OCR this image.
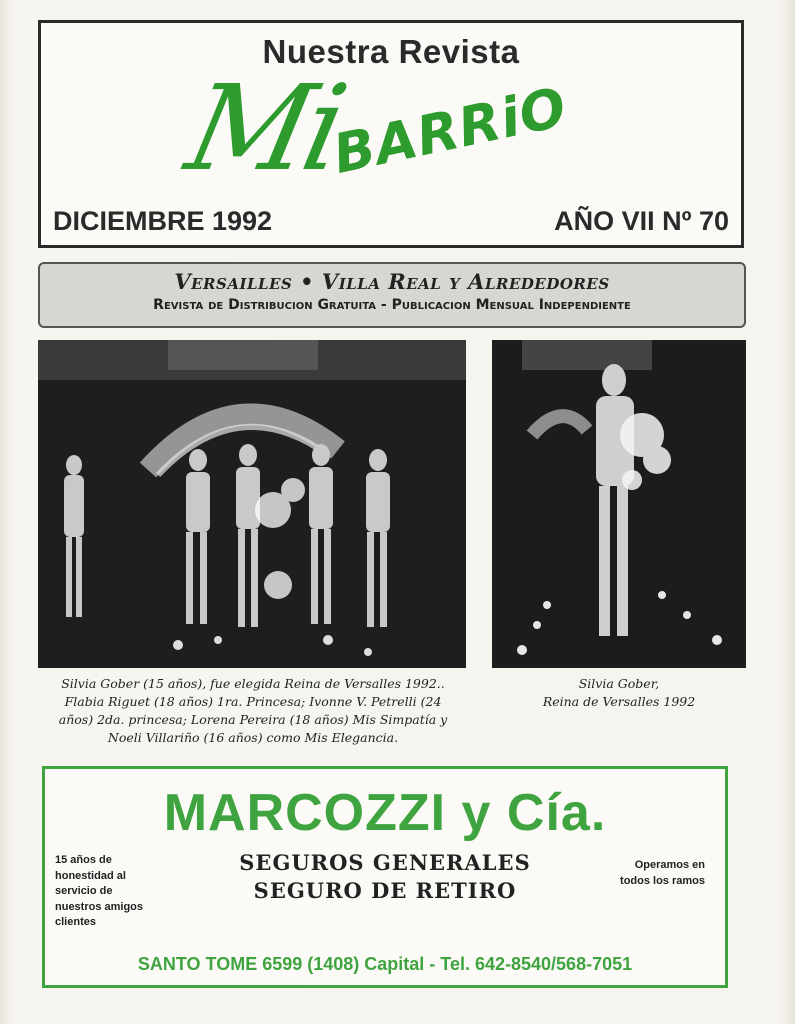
Nuestra Revista
Mi
BARRiO
DICIEMBRE 1992	AÑO VII Nº 70
Versailles • Villa Real y Alrededores
Revista de Distribucion Gratuita - Publicacion Mensual Independiente

Silvia Gober (15 años), fue elegida Reina de Versalles 1992..

Flabia Riguet (18 años) 1ra. Princesa; Ivonne V. Petrelli (24

años) 2da. princesa; Lorena Pereira (18 años) Mis Simpatía y

Noeli Villariño (16 años) como Mis Elegancia.

Silvia Gober,

Reina de Versalles 1992

MARCOZZI y Cía.
15 años de honestidad al servicio de nuestros amigos clientes
SEGUROS GENERALES
SEGURO DE RETIRO
Operamos en todos los ramos
SANTO TOME 6599 (1408) Capital - Tel. 642-8540/568-7051
